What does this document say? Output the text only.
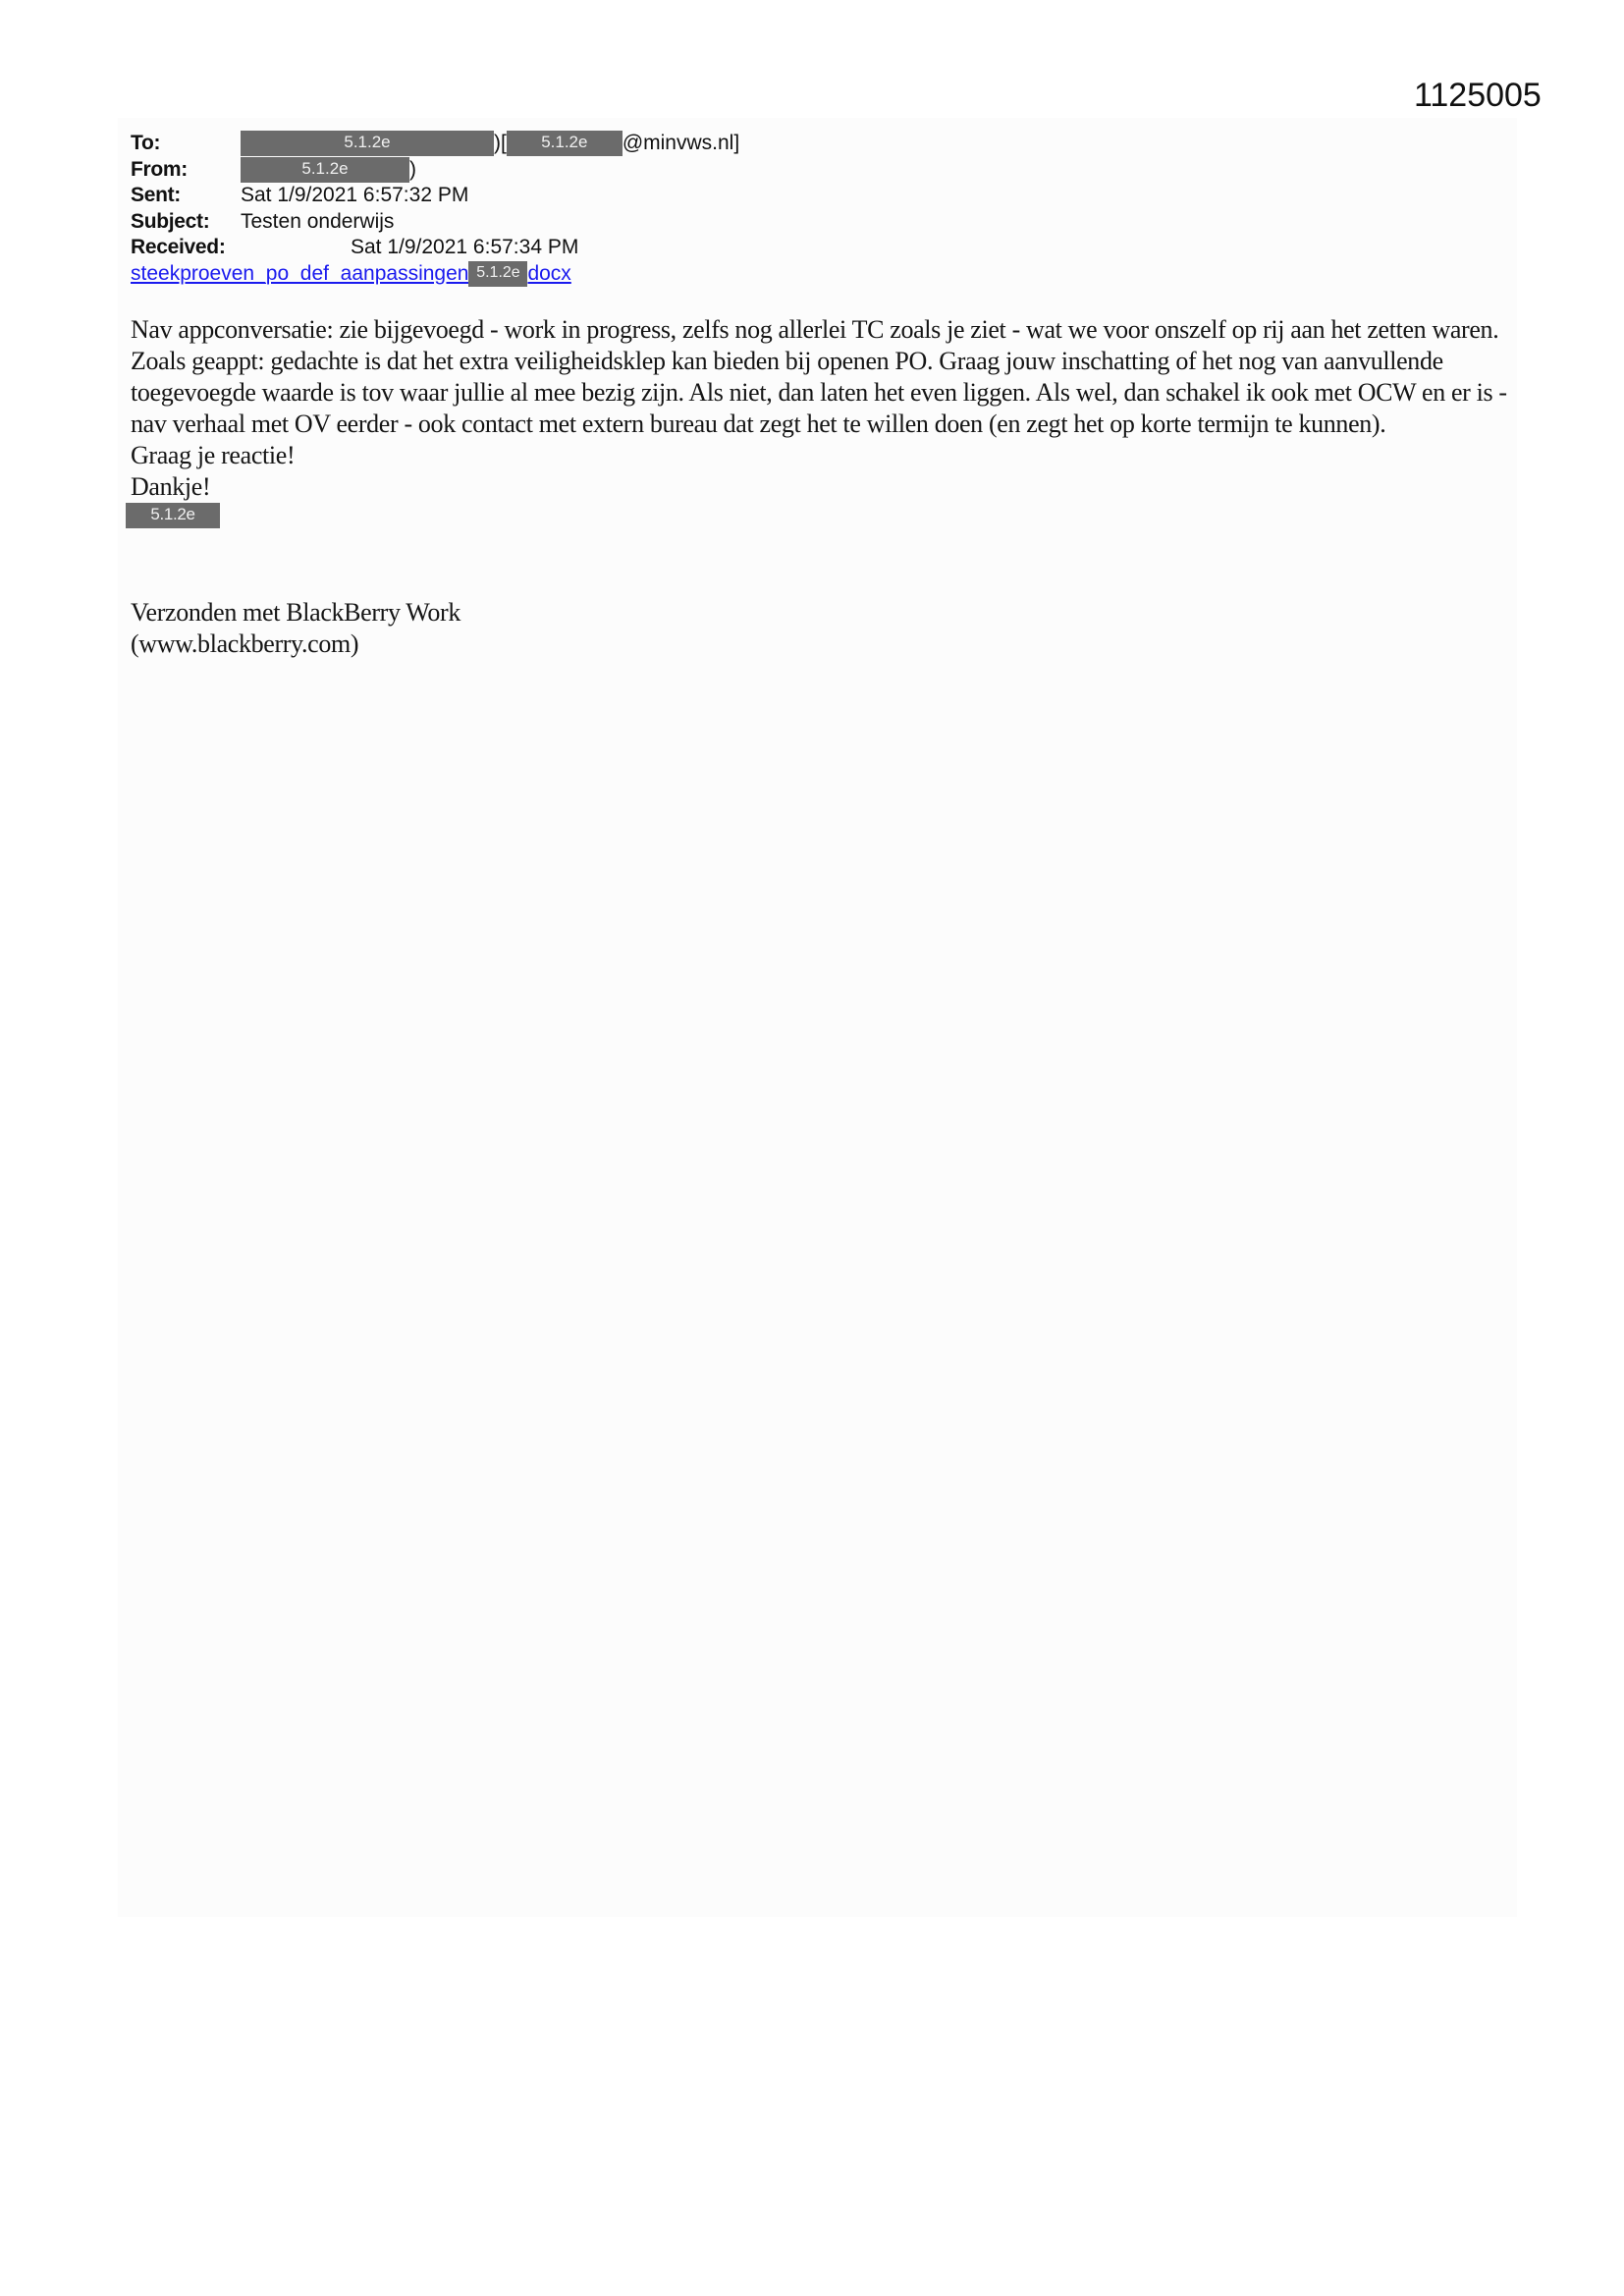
1125005
To:	5.1.2e	)[ 5.1.2e @minvws.nl]
From:	5.1.2e	)
Sent:	Sat 1/9/2021 6:57:32 PM
Subject: Testen onderwijs
Received:	Sat 1/9/2021 6:57:34 PM
steekproeven_po_def_aanpassingen 5.1.2e docx

Nav appconversatie: zie bijgevoegd - work in progress, zelfs nog allerlei TC zoals je ziet - wat we voor onszelf op rij aan het zetten waren. Zoals geappt: gedachte is dat het extra veiligheidsklep kan bieden bij openen PO. Graag jouw inschatting of het nog van aanvullende toegevoegde waarde is tov waar jullie al mee bezig zijn. Als niet, dan laten het even liggen. Als wel, dan schakel ik ook met OCW en er is - nav verhaal met OV eerder - ook contact met extern bureau dat zegt het te willen doen (en zegt het op korte termijn te kunnen).

Graag je reactie!

Dankje!

5.1.2e

Verzonden met BlackBerry Work

(www.blackberry.com)
